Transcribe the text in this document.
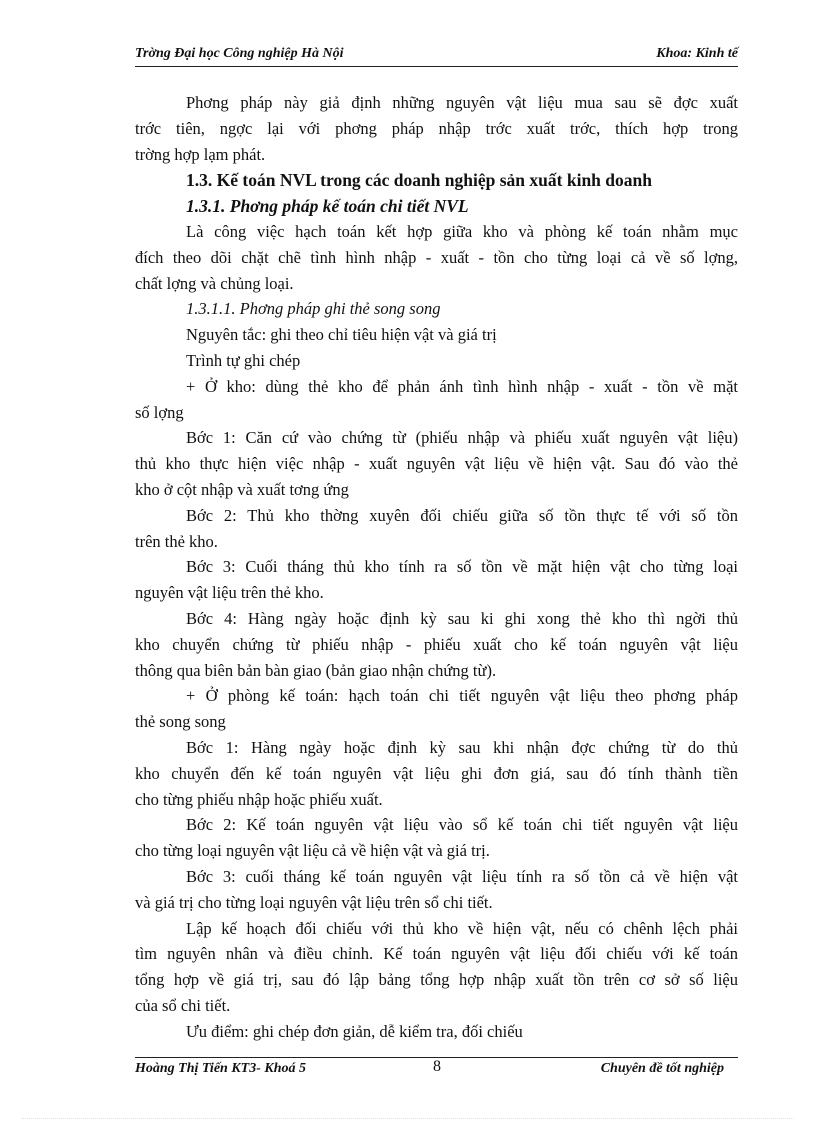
Trờng Đại học Công nghiệp Hà Nội	Khoa: Kinh tế
Phơng pháp này giả định những nguyên vật liệu mua sau sẽ đợc xuất
trớc tiên, ngợc lại với phơng pháp nhập trớc xuất trớc, thích hợp trong
trờng hợp lạm phát.
1.3. Kế toán NVL trong các doanh nghiệp sản xuất kinh doanh
1.3.1. Phơng pháp kế toán chi tiết NVL
Là công việc hạch toán kết hợp giữa kho và phòng kế toán nhằm mục
đích theo dõi chặt chẽ tình hình nhập - xuất - tồn cho từng loại cả về số lợng,
chất lợng và chủng loại.
1.3.1.1. Phơng pháp ghi thẻ song song
Nguyên tắc: ghi theo chỉ tiêu hiện vật và giá trị
Trình tự ghi chép
+ Ở kho: dùng thẻ kho để phản ánh tình hình nhập - xuất - tồn về mặt
số lợng
Bớc 1: Căn cứ vào chứng từ (phiếu nhập và phiếu xuất nguyên vật liệu)
thủ kho thực hiện việc nhập - xuất nguyên vật liệu về hiện vật. Sau đó vào thẻ
kho ở cột nhập và xuất tơng ứng
Bớc 2: Thủ kho thờng xuyên đối chiếu giữa số tồn thực tế với số tồn
trên thẻ kho.
Bớc 3: Cuối tháng thủ kho tính ra số tồn về mặt hiện vật cho từng loại
nguyên vật liệu trên thẻ kho.
Bớc 4: Hàng ngày hoặc định kỳ sau ki ghi xong thẻ kho thì ngời thủ
kho chuyển chứng từ phiếu nhập - phiếu xuất cho kế toán nguyên vật liệu
thông qua biên bản bàn giao (bản giao nhận chứng từ).
+ Ở phòng kế toán: hạch toán chi tiết nguyên vật liệu theo phơng pháp
thẻ song song
Bớc 1: Hàng ngày hoặc định kỳ sau khi nhận đợc chứng từ do thủ
kho chuyển đến kế toán nguyên vật liệu ghi đơn giá, sau đó tính thành tiền
cho từng phiếu nhập hoặc phiếu xuất.
Bớc 2: Kế toán nguyên vật liệu vào sổ kế toán chi tiết nguyên vật liệu
cho từng loại nguyên vật liệu cả về hiện vật và giá trị.
Bớc 3: cuối tháng kế toán nguyên vật liệu tính ra số tồn cả về hiện vật
và giá trị cho từng loại nguyên vật liệu trên sổ chi tiết.
Lập kế hoạch đối chiếu với thủ kho về hiện vật, nếu có chênh lệch phải
tìm nguyên nhân và điều chỉnh. Kế toán nguyên vật liệu đối chiếu với kế toán
tổng hợp về giá trị, sau đó lập bảng tổng hợp nhập xuất tồn trên cơ sở số liệu
của sổ chi tiết.
Ưu điểm: ghi chép đơn giản, dễ kiểm tra, đối chiếu
Hoàng Thị Tiến KT3- Khoá 5	8	Chuyên đề tốt nghiệp
